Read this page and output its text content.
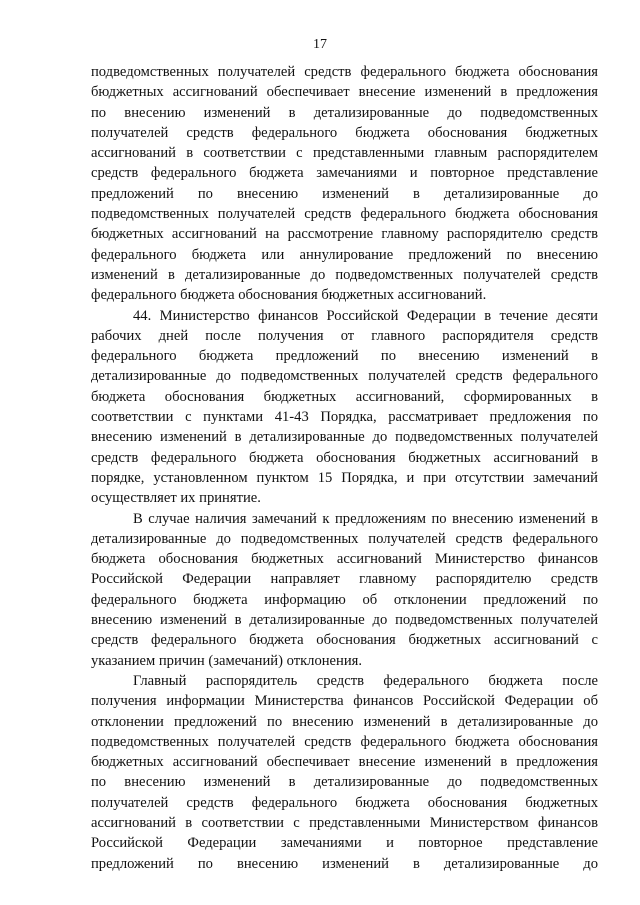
17
подведомственных получателей средств федерального бюджета обоснования
бюджетных ассигнований обеспечивает внесение изменений в предложения
по внесению изменений в детализированные до подведомственных
получателей средств федерального бюджета обоснования бюджетных
ассигнований в соответствии с представленными главным распорядителем
средств федерального бюджета замечаниями и повторное представление
предложений по внесению изменений в детализированные до
подведомственных получателей средств федерального бюджета обоснования
бюджетных ассигнований на рассмотрение главному распорядителю средств
федерального бюджета или аннулирование предложений по внесению
изменений в детализированные до подведомственных получателей средств
федерального бюджета обоснования бюджетных ассигнований.
44. Министерство финансов Российской Федерации в течение десяти
рабочих дней после получения от главного распорядителя средств
федерального бюджета предложений по внесению изменений в
детализированные до подведомственных получателей средств федерального
бюджета обоснования бюджетных ассигнований, сформированных в
соответствии с пунктами 41-43 Порядка, рассматривает предложения по
внесению изменений в детализированные до подведомственных получателей
средств федерального бюджета обоснования бюджетных ассигнований в
порядке, установленном пунктом 15 Порядка, и при отсутствии замечаний
осуществляет их принятие.
В случае наличия замечаний к предложениям по внесению изменений в
детализированные до подведомственных получателей средств федерального
бюджета обоснования бюджетных ассигнований Министерство финансов
Российской Федерации направляет главному распорядителю средств
федерального бюджета информацию об отклонении предложений по
внесению изменений в детализированные до подведомственных получателей
средств федерального бюджета обоснования бюджетных ассигнований с
указанием причин (замечаний) отклонения.
Главный распорядитель средств федерального бюджета после
получения информации Министерства финансов Российской Федерации об
отклонении предложений по внесению изменений в детализированные до
подведомственных получателей средств федерального бюджета обоснования
бюджетных ассигнований обеспечивает внесение изменений в предложения
по внесению изменений в детализированные до подведомственных
получателей средств федерального бюджета обоснования бюджетных
ассигнований в соответствии с представленными Министерством финансов
Российской Федерации замечаниями и повторное представление
предложений по внесению изменений в детализированные до
